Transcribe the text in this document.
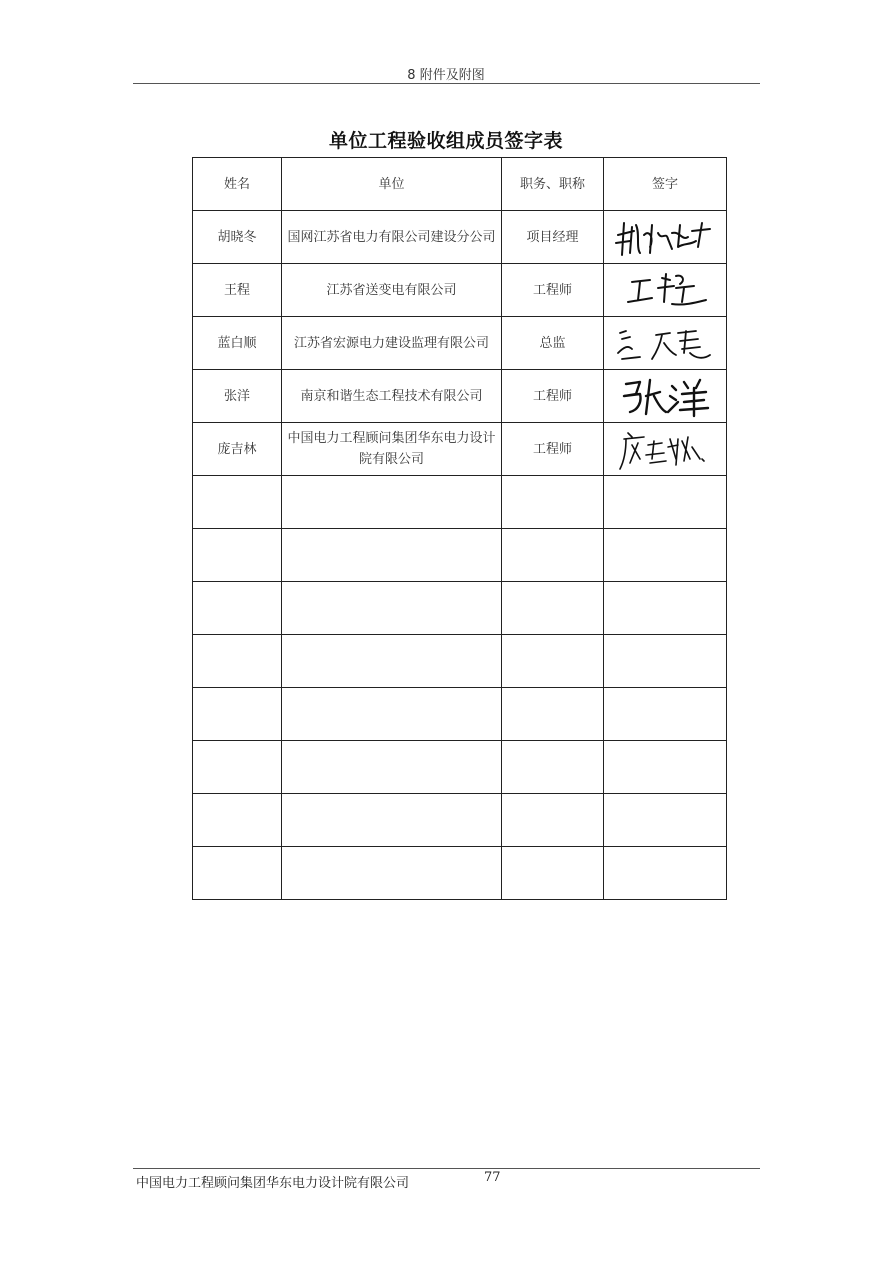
8 附件及附图
单位工程验收组成员签字表
姓名	单位	职务、职称	签字
胡晓冬	国网江苏省电力有限公司建设分公司	项目经理	

王程	江苏省送变电有限公司	工程师	

蓝白顺	江苏省宏源电力建设监理有限公司	总监	

张洋	南京和谐生态工程技术有限公司	工程师	

庞吉林	中国电力工程顾问集团华东电力设计院有限公司	工程师	

中国电力工程顾问集团华东电力设计院有限公司	77
